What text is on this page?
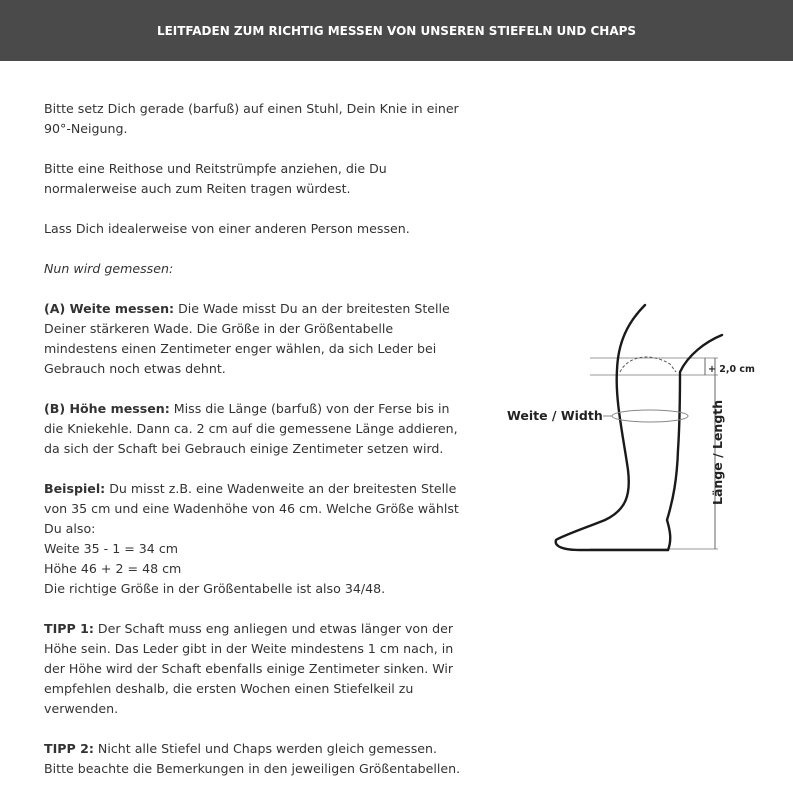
LEITFADEN ZUM RICHTIG MESSEN VON UNSEREN STIEFELN UND CHAPS

Bitte setz Dich gerade (barfuß) auf einen Stuhl, Dein Knie in einer 90°-Neigung.

Bitte eine Reithose und Reitstrümpfe anziehen, die Du normalerweise auch zum Reiten tragen würdest.

Lass Dich idealerweise von einer anderen Person messen.

Nun wird gemessen:

(A) Weite messen: Die Wade misst Du an der breitesten Stelle Deiner stärkeren Wade. Die Größe in der Größentabelle mindestens einen Zentimeter enger wählen, da sich Leder bei Gebrauch noch etwas dehnt.

(B) Höhe messen: Miss die Länge (barfuß) von der Ferse bis in die Kniekehle. Dann ca. 2 cm auf die gemessene Länge addieren, da sich der Schaft bei Gebrauch einige Zentimeter setzen wird.

Beispiel: Du misst z.B. eine Wadenweite an der breitesten Stelle von 35 cm und eine Wadenhöhe von 46 cm. Welche Größe wählst Du also:
Weite 35 - 1 = 34 cm
Höhe 46 + 2 = 48 cm
Die richtige Größe in der Größentabelle ist also 34/48.

TIPP 1: Der Schaft muss eng anliegen und etwas länger von der Höhe sein. Das Leder gibt in der Weite mindestens 1 cm nach, in der Höhe wird der Schaft ebenfalls einige Zentimeter sinken. Wir empfehlen deshalb, die ersten Wochen einen Stiefelkeil zu verwenden.

TIPP 2: Nicht alle Stiefel und Chaps werden gleich gemessen. Bitte beachte die Bemerkungen in den jeweiligen Größentabellen.

Weite / Width
+ 2,0 cm
Länge / Length
